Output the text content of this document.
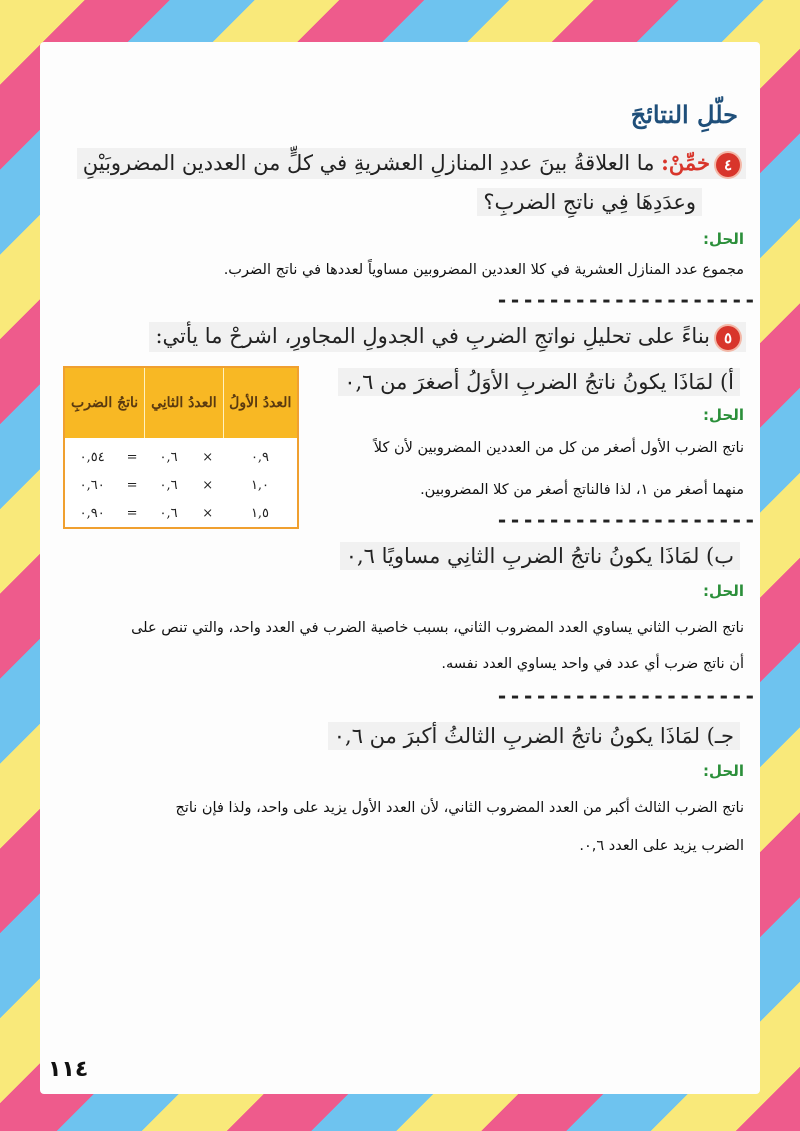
حلّلِ النتائجَ
٤خمِّنْ: ما العلاقةُ بينَ عددِ المنازلِ العشريةِ في كلٍّ من العددين المضروبَيْنِ
وعدَدِهَا فِي ناتجِ الضربِ؟
الحل:
مجموع عدد المنازل العشرية في كلا العددين المضروبين مساوياً لعددها في ناتج الضرب.
--------------------
٥بناءً على تحليلِ نواتجِ الضربِ في الجدولِ المجاورِ، اشرحْ ما يأتي:
العددُ الأولُ	العددُ الثانِي		ناتجُ الضربِ	
٠,٩	×	٠,٦	=	٠,٥٤
١,٠	×	٠,٦	=	٠,٦٠
١,٥	×	٠,٦	=	٠,٩٠
أ) لمَاذَا يكونُ ناتجُ الضربِ الأوَلُ أصغرَ من ٠,٦
الحل:
ناتج الضرب الأول أصغر من كل من العددين المضروبين لأن كلاً
منهما أصغر من ١، لذا فالناتج أصغر من كلا المضروبين.
--------------------
ب) لمَاذَا يكونُ ناتجُ الضربِ الثانِي مساويًا ٠,٦
الحل:
ناتج الضرب الثاني يساوي العدد المضروب الثاني، بسبب خاصية الضرب في العدد واحد، والتي تنص على
أن ناتج ضرب أي عدد في واحد يساوي العدد نفسه.
--------------------
جـ) لمَاذَا يكونُ ناتجُ الضربِ الثالثُ أكبرَ من ٠,٦
الحل:
ناتج الضرب الثالث أكبر من العدد المضروب الثاني، لأن العدد الأول يزيد على واحد، ولذا فإن ناتج
الضرب يزيد على العدد ٠,٦.
١١٤
